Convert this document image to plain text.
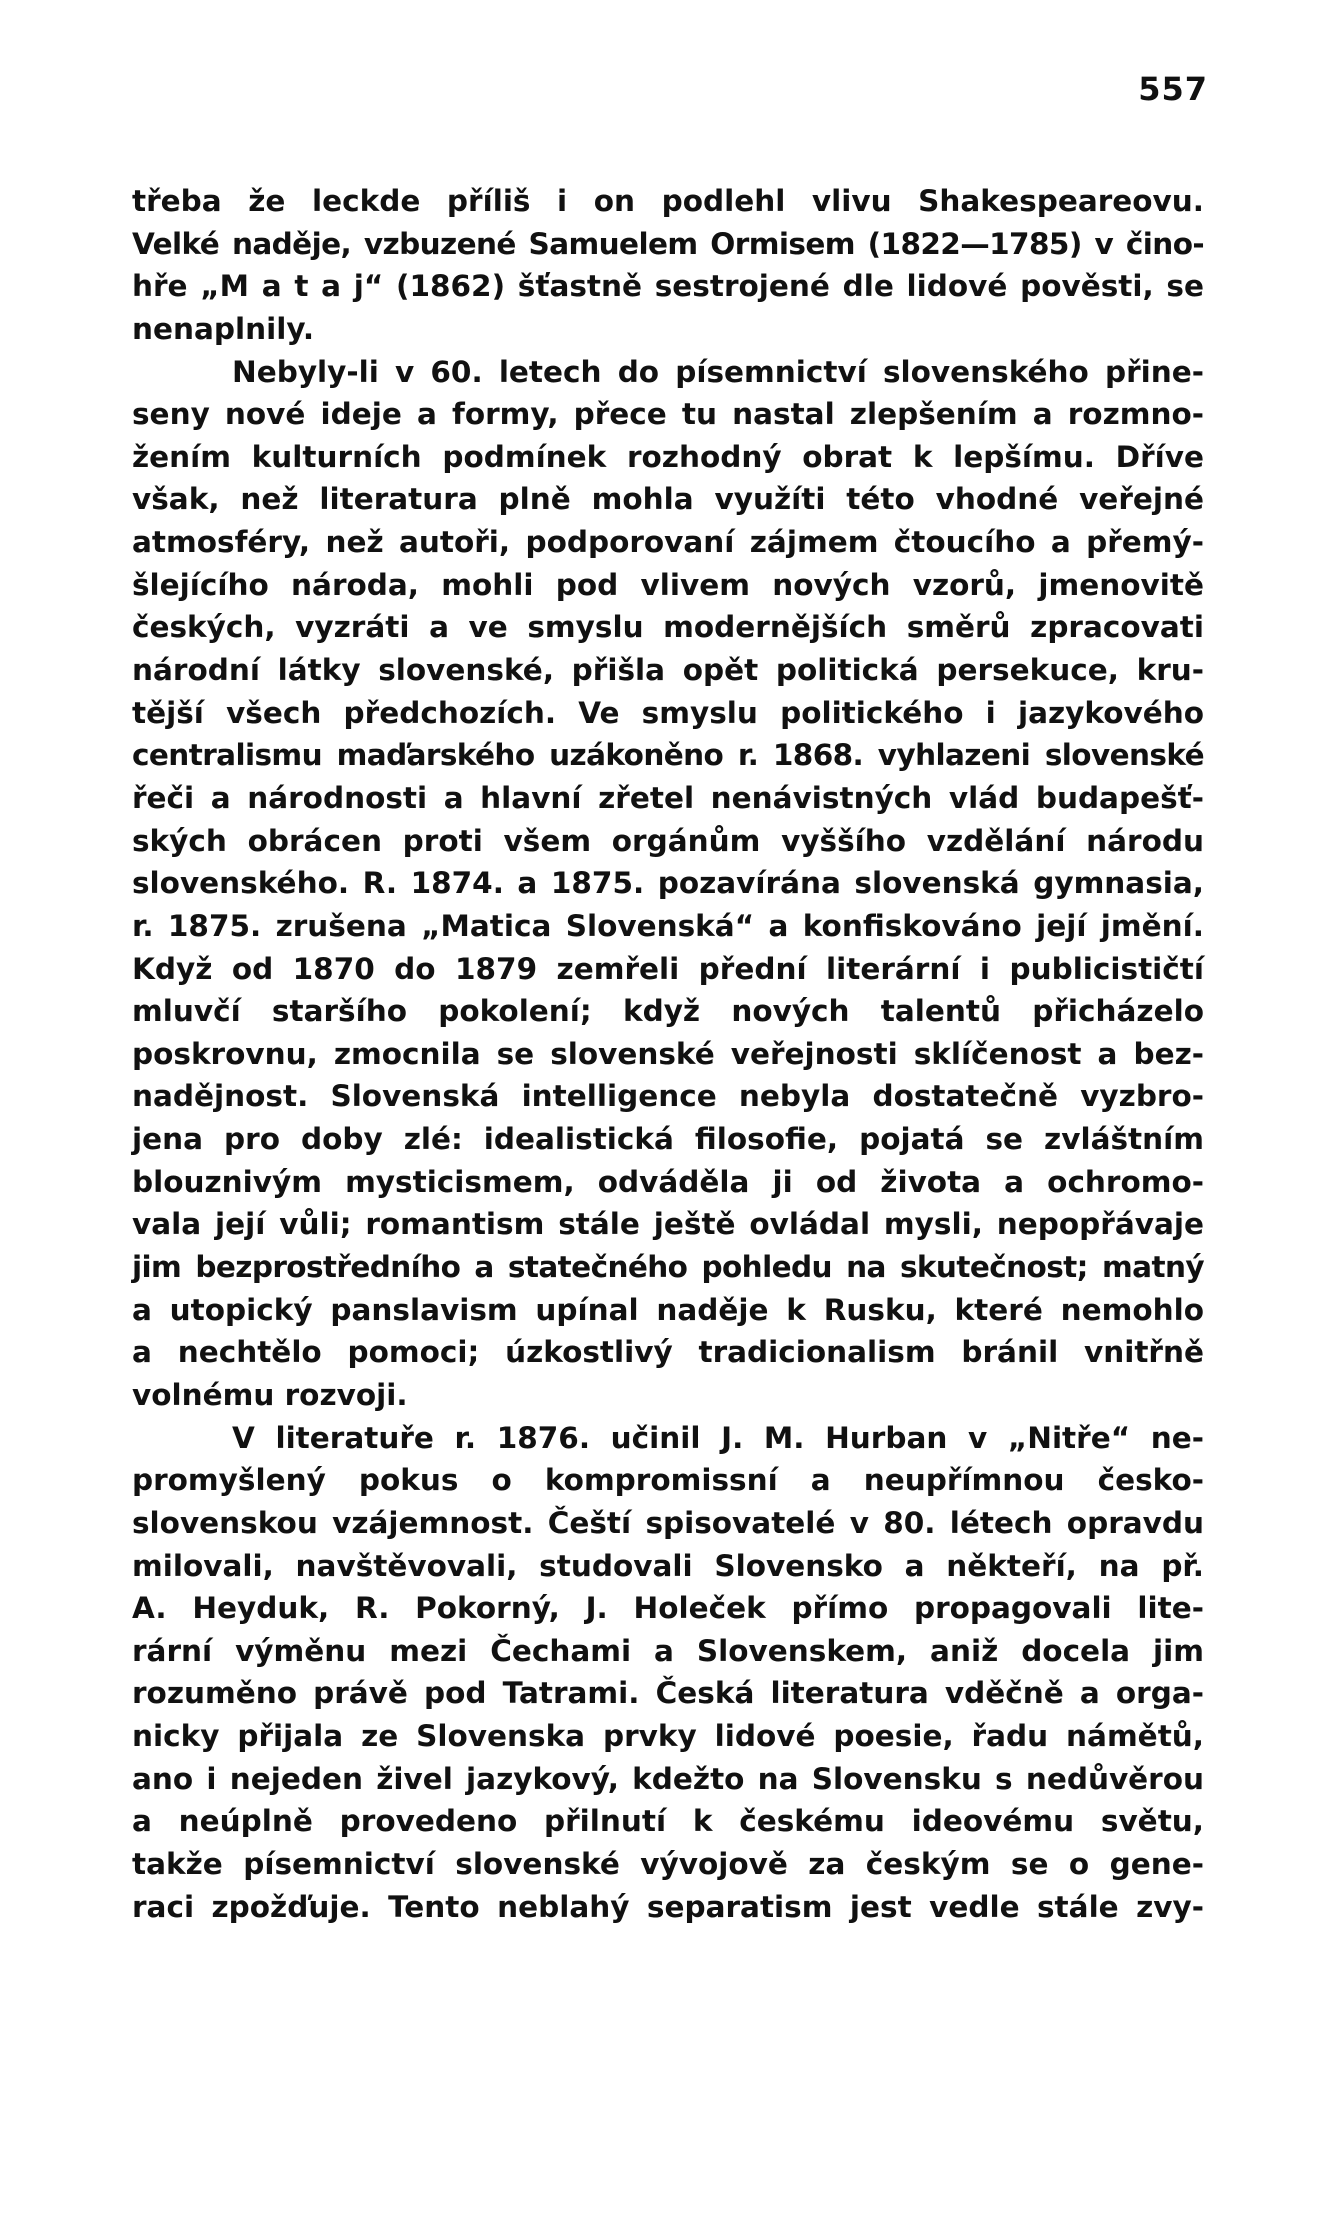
557
třeba že leckde příliš i on podlehl vlivu Shakespeareovu.
Velké naděje, vzbuzené Samuelem Ormisem (1822—1785) v čino-
hře „M a t a j“ (1862) šťastně sestrojené dle lidové pověsti, se
nenaplnily.
Nebyly-li v 60. letech do písemnictví slovenského přine-
seny nové ideje a formy, přece tu nastal zlepšením a rozmno-
žením kulturních podmínek rozhodný obrat k lepšímu. Dříve
však, než literatura plně mohla využíti této vhodné veřejné
atmosféry, než autoři, podporovaní zájmem čtoucího a přemý-
šlejícího národa, mohli pod vlivem nových vzorů, jmenovitě
českých, vyzráti a ve smyslu modernějších směrů zpracovati
národní látky slovenské, přišla opět politická persekuce, kru-
tější všech předchozích. Ve smyslu politického i jazykového
centralismu maďarského uzákoněno r. 1868. vyhlazeni slovenské
řeči a národnosti a hlavní zřetel nenávistných vlád budapešť-
ských obrácen proti všem orgánům vyššího vzdělání národu
slovenského. R. 1874. a 1875. pozavírána slovenská gymnasia,
r. 1875. zrušena „Matica Slovenská“ a konfiskováno její jmění.
Když od 1870 do 1879 zemřeli přední literární i publicističtí
mluvčí staršího pokolení; když nových talentů přicházelo
poskrovnu, zmocnila se slovenské veřejnosti sklíčenost a bez-
nadějnost. Slovenská intelligence nebyla dostatečně vyzbro-
jena pro doby zlé: idealistická filosofie, pojatá se zvláštním
blouznivým mysticismem, odváděla ji od života a ochromo-
vala její vůli; romantism stále ještě ovládal mysli, nepopřávaje
jim bezprostředního a statečného pohledu na skutečnost; matný
a utopický panslavism upínal naděje k Rusku, které nemohlo
a nechtělo pomoci; úzkostlivý tradicionalism bránil vnitřně
volnému rozvoji.
V literatuře r. 1876. učinil J. M. Hurban v „Nitře“ ne-
promyšlený pokus o kompromissní a neupřímnou česko-
slovenskou vzájemnost. Čeští spisovatelé v 80. létech opravdu
milovali, navštěvovali, studovali Slovensko a někteří, na př.
A. Heyduk, R. Pokorný, J. Holeček přímo propagovali lite-
rární výměnu mezi Čechami a Slovenskem, aniž docela jim
rozuměno právě pod Tatrami. Česká literatura vděčně a orga-
nicky přijala ze Slovenska prvky lidové poesie, řadu námětů,
ano i nejeden živel jazykový, kdežto na Slovensku s nedůvěrou
a neúplně provedeno přilnutí k českému ideovému světu,
takže písemnictví slovenské vývojově za českým se o gene-
raci zpožďuje. Tento neblahý separatism jest vedle stále zvy-
